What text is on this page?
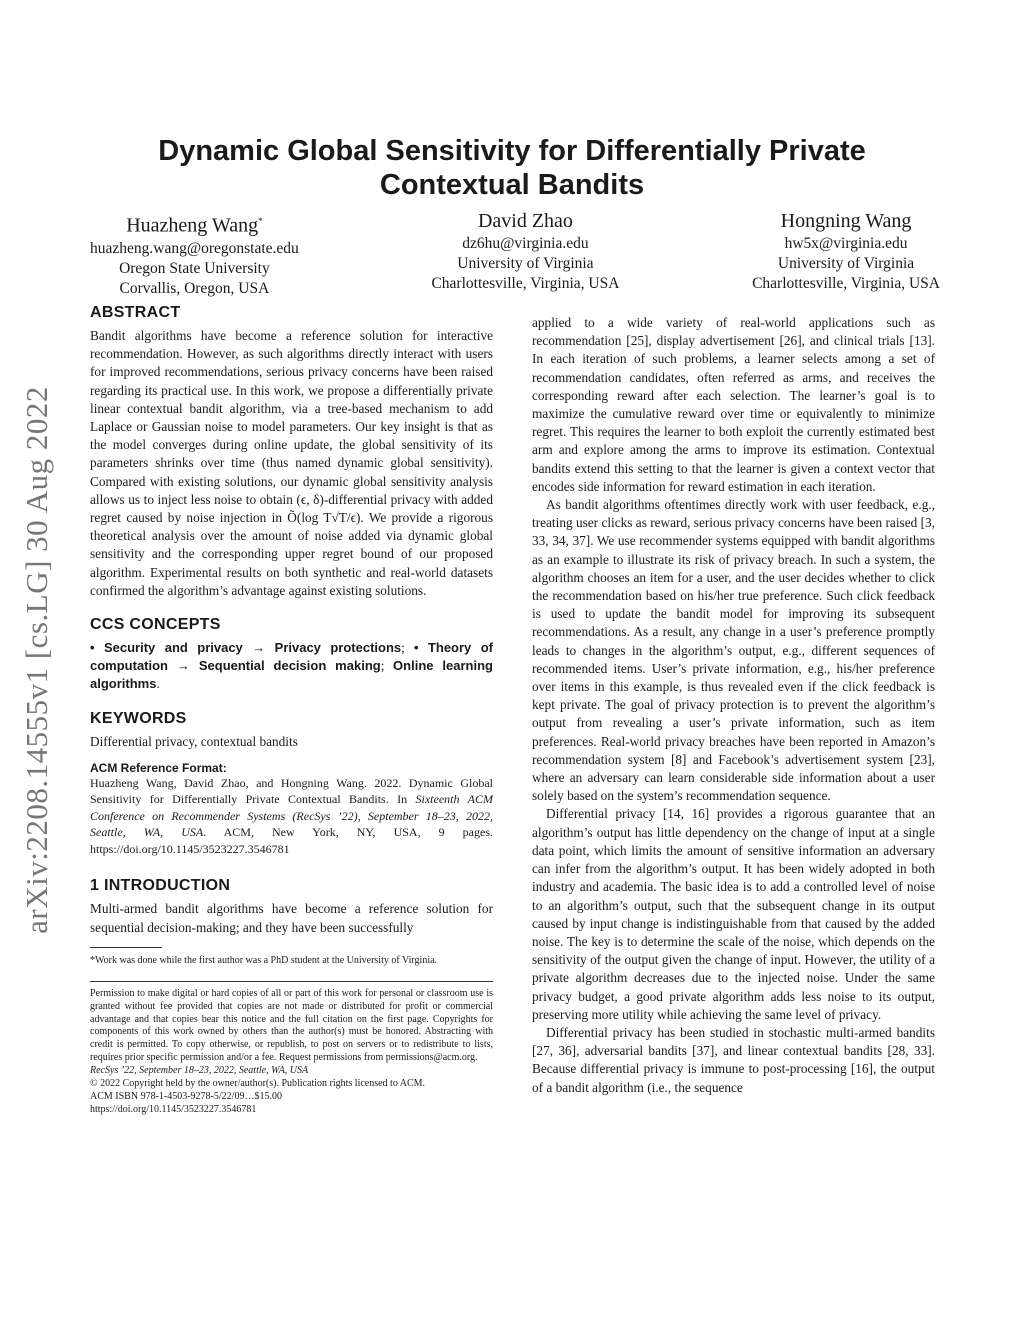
arXiv:2208.14555v1 [cs.LG] 30 Aug 2022
Dynamic Global Sensitivity for Differentially Private Contextual Bandits
Huazheng Wang*
huazheng.wang@oregonstate.edu
Oregon State University
Corvallis, Oregon, USA
David Zhao
dz6hu@virginia.edu
University of Virginia
Charlottesville, Virginia, USA
Hongning Wang
hw5x@virginia.edu
University of Virginia
Charlottesville, Virginia, USA
ABSTRACT

Bandit algorithms have become a reference solution for interactive recommendation. However, as such algorithms directly interact with users for improved recommendations, serious privacy concerns have been raised regarding its practical use. In this work, we propose a differentially private linear contextual bandit algorithm, via a tree-based mechanism to add Laplace or Gaussian noise to model parameters. Our key insight is that as the model converges during online update, the global sensitivity of its parameters shrinks over time (thus named dynamic global sensitivity). Compared with existing solutions, our dynamic global sensitivity analysis allows us to inject less noise to obtain (ϵ, δ)-differential privacy with added regret caused by noise injection in Õ(log T√T/ϵ). We provide a rigorous theoretical analysis over the amount of noise added via dynamic global sensitivity and the corresponding upper regret bound of our proposed algorithm. Experimental results on both synthetic and real-world datasets confirmed the algorithm’s advantage against existing solutions.

CCS CONCEPTS

• Security and privacy → Privacy protections; • Theory of computation → Sequential decision making; Online learning algorithms.

KEYWORDS

Differential privacy, contextual bandits

ACM Reference Format:

Huazheng Wang, David Zhao, and Hongning Wang. 2022. Dynamic Global Sensitivity for Differentially Private Contextual Bandits. In Sixteenth ACM Conference on Recommender Systems (RecSys ’22), September 18–23, 2022, Seattle, WA, USA. ACM, New York, NY, USA, 9 pages. https://doi.org/10.1145/3523227.3546781

1 INTRODUCTION

Multi-armed bandit algorithms have become a reference solution for sequential decision-making; and they have been successfully

*Work was done while the first author was a PhD student at the University of Virginia.

Permission to make digital or hard copies of all or part of this work for personal or classroom use is granted without fee provided that copies are not made or distributed for profit or commercial advantage and that copies bear this notice and the full citation on the first page. Copyrights for components of this work owned by others than the author(s) must be honored. Abstracting with credit is permitted. To copy otherwise, or republish, to post on servers or to redistribute to lists, requires prior specific permission and/or a fee. Request permissions from permissions@acm.org.

RecSys ’22, September 18–23, 2022, Seattle, WA, USA

© 2022 Copyright held by the owner/author(s). Publication rights licensed to ACM.

ACM ISBN 978-1-4503-9278-5/22/09…$15.00

https://doi.org/10.1145/3523227.3546781

applied to a wide variety of real-world applications such as recommendation [25], display advertisement [26], and clinical trials [13]. In each iteration of such problems, a learner selects among a set of recommendation candidates, often referred as arms, and receives the corresponding reward after each selection. The learner’s goal is to maximize the cumulative reward over time or equivalently to minimize regret. This requires the learner to both exploit the currently estimated best arm and explore among the arms to improve its estimation. Contextual bandits extend this setting to that the learner is given a context vector that encodes side information for reward estimation in each iteration.

As bandit algorithms oftentimes directly work with user feedback, e.g., treating user clicks as reward, serious privacy concerns have been raised [3, 33, 34, 37]. We use recommender systems equipped with bandit algorithms as an example to illustrate its risk of privacy breach. In such a system, the algorithm chooses an item for a user, and the user decides whether to click the recommendation based on his/her true preference. Such click feedback is used to update the bandit model for improving its subsequent recommendations. As a result, any change in a user’s preference promptly leads to changes in the algorithm’s output, e.g., different sequences of recommended items. User’s private information, e.g., his/her preference over items in this example, is thus revealed even if the click feedback is kept private. The goal of privacy protection is to prevent the algorithm’s output from revealing a user’s private information, such as item preferences. Real-world privacy breaches have been reported in Amazon’s recommendation system [8] and Facebook’s advertisement system [23], where an adversary can learn considerable side information about a user solely based on the system’s recommendation sequence.

Differential privacy [14, 16] provides a rigorous guarantee that an algorithm’s output has little dependency on the change of input at a single data point, which limits the amount of sensitive information an adversary can infer from the algorithm’s output. It has been widely adopted in both industry and academia. The basic idea is to add a controlled level of noise to an algorithm’s output, such that the subsequent change in its output caused by input change is indistinguishable from that caused by the added noise. The key is to determine the scale of the noise, which depends on the sensitivity of the output given the change of input. However, the utility of a private algorithm decreases due to the injected noise. Under the same privacy budget, a good private algorithm adds less noise to its output, preserving more utility while achieving the same level of privacy.

Differential privacy has been studied in stochastic multi-armed bandits [27, 36], adversarial bandits [37], and linear contextual bandits [28, 33]. Because differential privacy is immune to post-processing [16], the output of a bandit algorithm (i.e., the sequence
